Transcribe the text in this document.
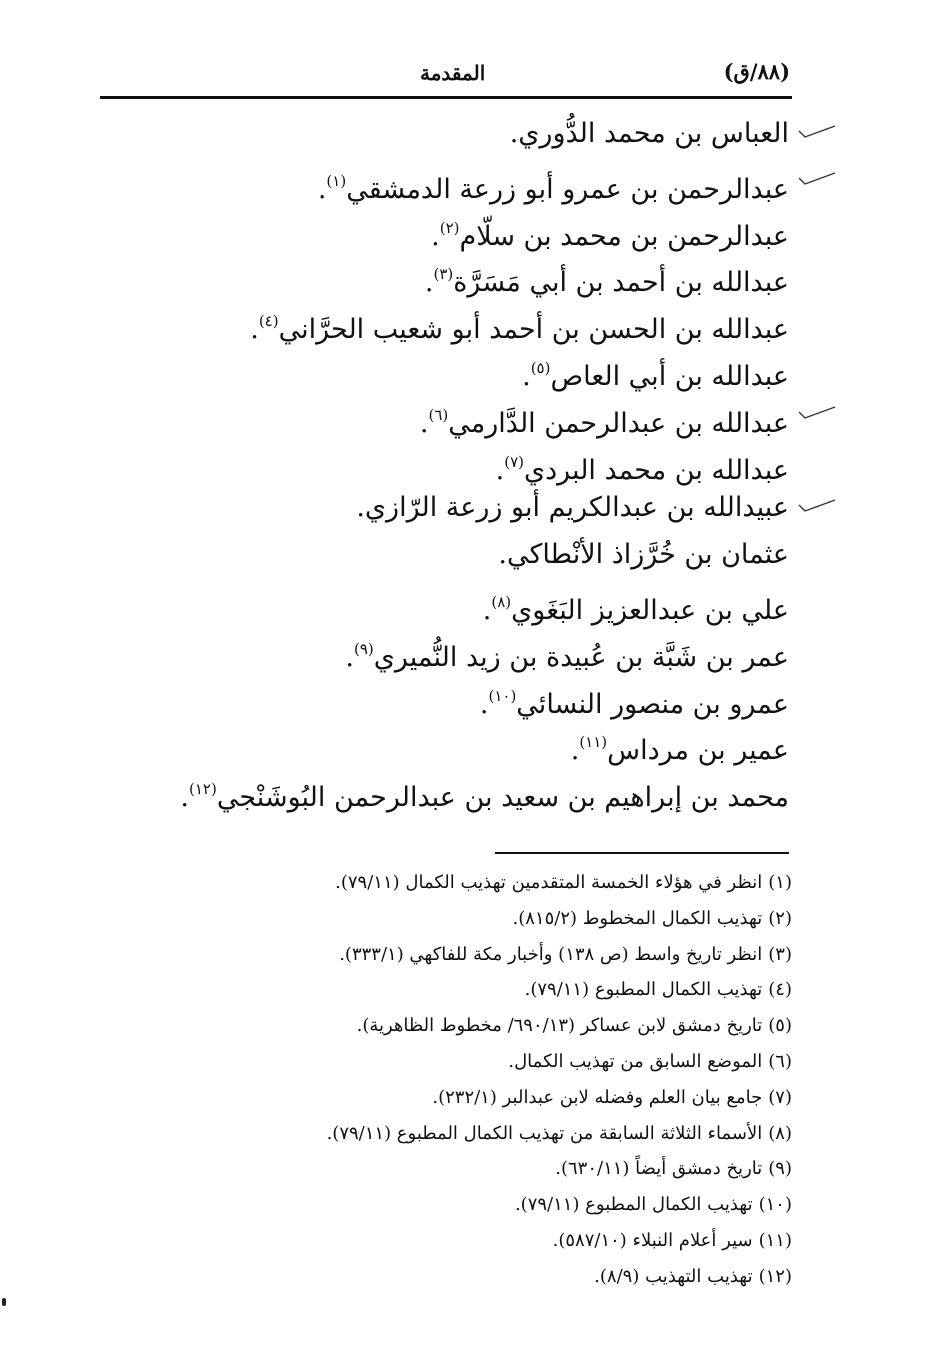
(٨٨/ق)
المقدمة
العباس بن محمد الدُّوري.
عبدالرحمن بن عمرو أبو زرعة الدمشقي$^{(١)}$.
عبدالرحمن بن محمد بن سلّام$^{(٢)}$.
عبدالله بن أحمد بن أبي مَسَرَّة$^{(٣)}$.
عبدالله بن الحسن بن أحمد أبو شعيب الحرَّاني$^{(٤)}$.
عبدالله بن أبي العاص$^{(٥)}$.
عبدالله بن عبدالرحمن الدَّارمي$^{(٦)}$.
عبدالله بن محمد البردي$^{(٧)}$.
عبيدالله بن عبدالكريم أبو زرعة الرّازي.
عثمان بن خُرَّزاذ الأنْطاكي.
علي بن عبدالعزيز البَغَوي$^{(٨)}$.
عمر بن شَبَّة بن عُبيدة بن زيد النُّميري$^{(٩)}$.
عمرو بن منصور النسائي$^{(١٠)}$.
عمير بن مرداس$^{(١١)}$.
محمد بن إبراهيم بن سعيد بن عبدالرحمن البُوشَنْجي$^{(١٢)}$.
(١)انظر في هؤلاء الخمسة المتقدمين تهذيب الكمال (٧٩/١١).
(٢)تهذيب الكمال المخطوط (٨١٥/٢).
(٣)انظر تاريخ واسط (ص ١٣٨) وأخبار مكة للفاكهي (٣٣٣/١).
(٤)تهذيب الكمال المطبوع (٧٩/١١).
(٥)تاريخ دمشق لابن عساكر (٦٩٠/١٣/ مخطوط الظاهرية).
(٦)الموضع السابق من تهذيب الكمال.
(٧)جامع بيان العلم وفضله لابن عبدالبر (٢٣٢/١).
(٨)الأسماء الثلاثة السابقة من تهذيب الكمال المطبوع (٧٩/١١).
(٩)تاريخ دمشق أيضاً (٦٣٠/١١).
(١٠)تهذيب الكمال المطبوع (٧٩/١١).
(١١)سير أعلام النبلاء (٥٨٧/١٠).
(١٢)تهذيب التهذيب (٨/٩).
